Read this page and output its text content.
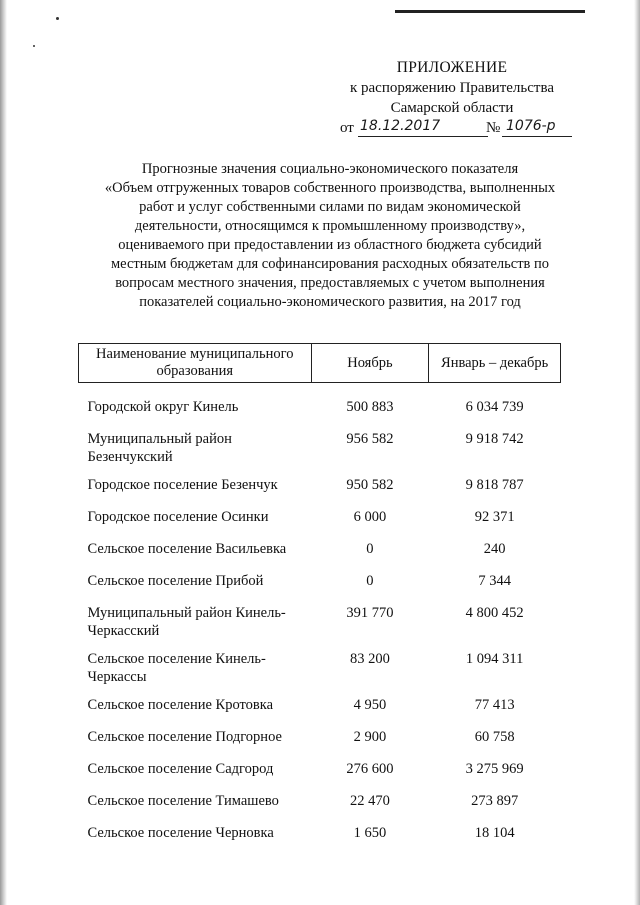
ПРИЛОЖЕНИЕ
к распоряжению Правительства
Самарской области
от 18.12.2017	№ 1076-р
Прогнозные значения социально-экономического показателя
«Объем отгруженных товаров собственного производства, выполненных
работ и услуг собственными силами по видам экономической
деятельности, относящимся к промышленному производству»,
оцениваемого при предоставлении из областного бюджета субсидий
местным бюджетам для софинансирования расходных обязательств по
вопросам местного значения, предоставляемых с учетом выполнения
показателей социально-экономического развития, на 2017 год
Наименование муниципального образования	Ноябрь	Январь – декабрь

Городской округ Кинель	500 883	6 034 739
Муниципальный район Безенчукский	956 582	9 918 742
Городское поселение Безенчук	950 582	9 818 787
Городское поселение Осинки	6 000	92 371
Сельское поселение Васильевка	0	240
Сельское поселение Прибой	0	7 344
Муниципальный район Кинель-Черкасский	391 770	4 800 452
Сельское поселение Кинель-Черкассы	83 200	1 094 311
Сельское поселение Кротовка	4 950	77 413
Сельское поселение Подгорное	2 900	60 758
Сельское поселение Садгород	276 600	3 275 969
Сельское поселение Тимашево	22 470	273 897
Сельское поселение Черновка	1 650	18 104
